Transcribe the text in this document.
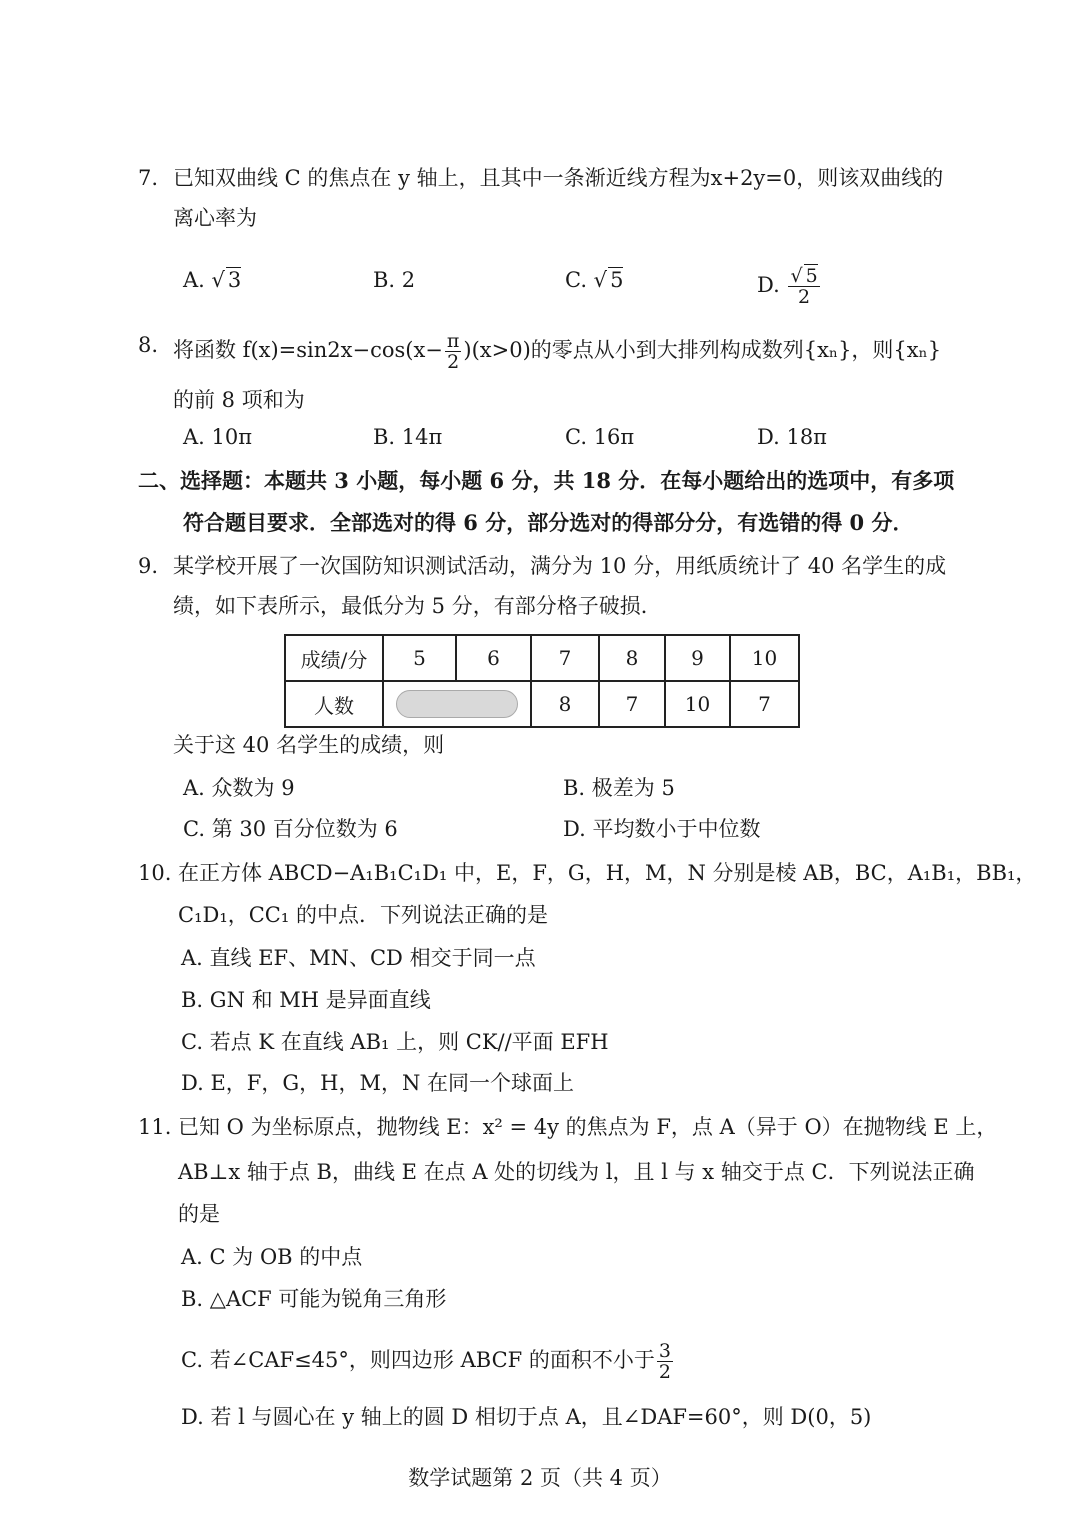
7. 已知双曲线 C 的焦点在 y 轴上，且其中一条渐近线方程为x+2y=0，则该双曲线的
离心率为
A. √ 3	B. 2	C. √ 5	D. $\frac{√ 5}{2}$
8. 将函数 $f(x)=\sin 2x-\cos(x- \frac{\pi}{2} )(x>0)$的零点从小到大排列构成数列{xₙ}，则{xₙ}
的前 8 项和为
A. 10π	B. 14π	C. 16π	D. 18π
二、选择题：本题共 3 小题，每小题 6 分，共 18 分．在每小题给出的选项中，有多项
符合题目要求．全部选对的得 6 分，部分选对的得部分分，有选错的得 0 分．
9. 某学校开展了一次国防知识测试活动，满分为 10 分，用纸质统计了 40 名学生的成
绩，如下表所示，最低分为 5 分，有部分格子破损．
成绩/分	5	6	7	8	9	10
人数			8	7	10	7
关于这 40 名学生的成绩，则
A. 众数为 9	B. 极差为 5
C. 第 30 百分位数为 6	D. 平均数小于中位数
10. 在正方体 ABCD−A₁B₁C₁D₁ 中，E，F，G，H，M，N 分别是棱 AB，BC，A₁B₁，BB₁，
C₁D₁，CC₁ 的中点．下列说法正确的是
A. 直线 EF、MN、CD 相交于同一点
B. GN 和 MH 是异面直线
C. 若点 K 在直线 AB₁ 上，则 CK//平面 EFH
D. E，F，G，H，M，N 在同一个球面上
11. 已知 O 为坐标原点，抛物线 E：x² = 4y 的焦点为 F，点 A（异于 O）在抛物线 E 上，
AB⊥x 轴于点 B，曲线 E 在点 A 处的切线为 l，且 l 与 x 轴交于点 C．下列说法正确
的是
A. C 为 OB 的中点
B. △ACF 可能为锐角三角形
C. 若∠CAF≤45°，则四边形 ABCF 的面积不小于 $\frac{3}{2}$
D. 若 l 与圆心在 y 轴上的圆 D 相切于点 A，且∠DAF=60°，则 D(0，5)
数学试题第 2 页（共 4 页）
